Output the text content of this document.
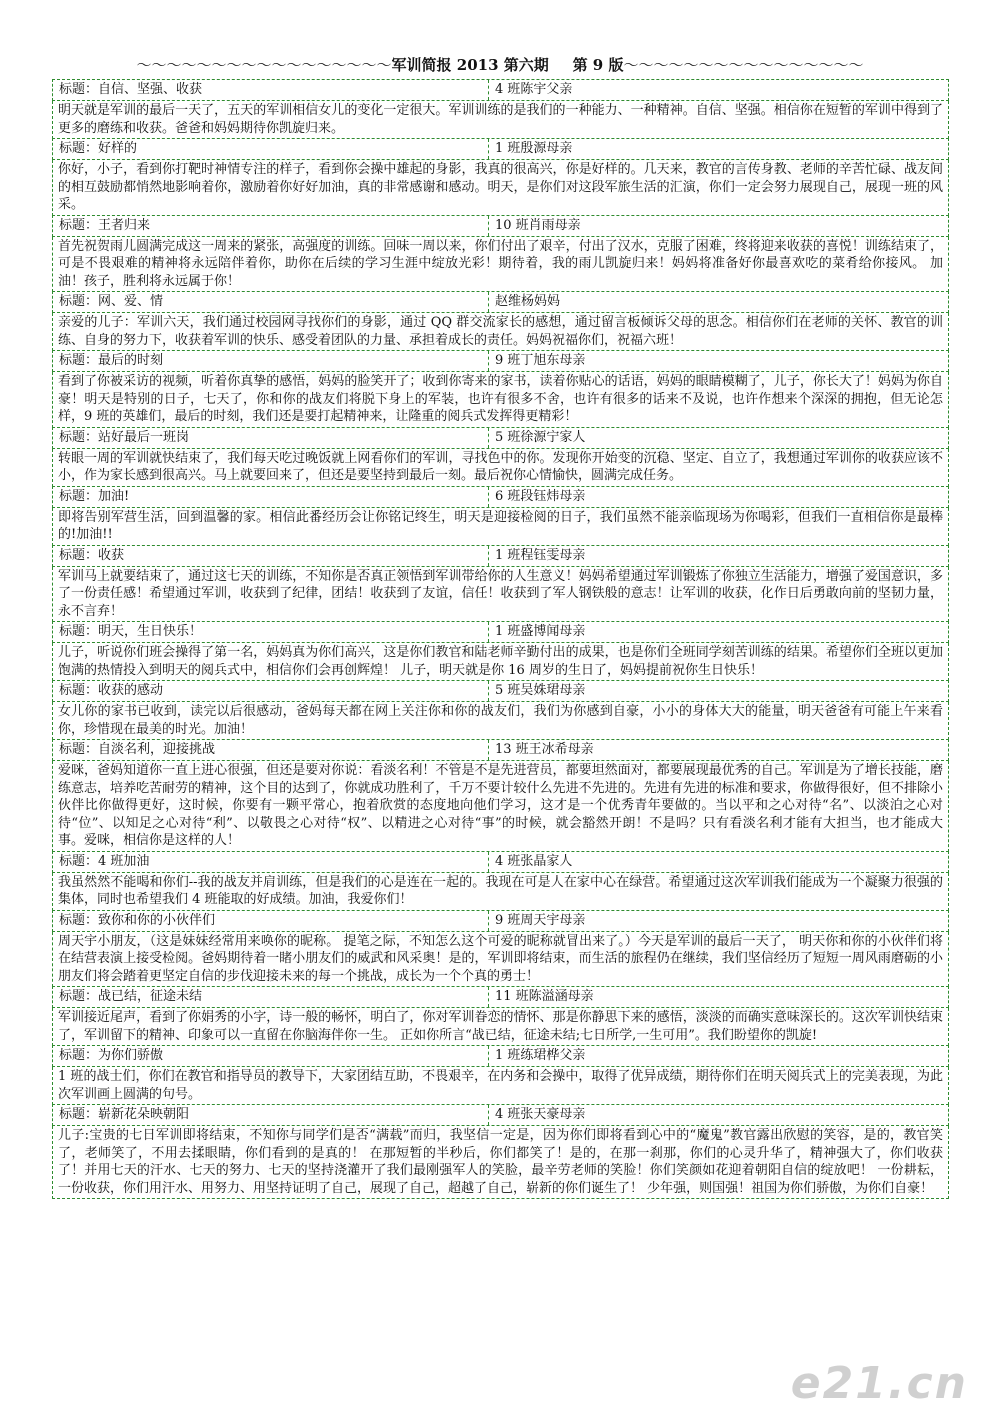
～～～～～～～～～～～～～～～～～军训简报 2013 第六期 第 9 版～～～～～～～～～～～～～～～～
标题：自信、坚强、收获	4 班陈宇父亲
明天就是军训的最后一天了，五天的军训相信女儿的变化一定很大。军训训练的是我们的一种能力、一种精神。自信、坚强。相信你在短暂的军训中得到了更多的磨练和收获。爸爸和妈妈期待你凯旋归来。
标题：好样的	1 班殷源母亲
你好，小子，看到你打靶时神情专注的样子，看到你会操中雄起的身影，我真的很高兴，你是好样的。几天来，教官的言传身教、老师的辛苦忙碌、战友间的相互鼓励都悄然地影响着你，激励着你好好加油，真的非常感谢和感动。明天，是你们对这段军旅生活的汇演，你们一定会努力展现自己，展现一班的风采。
标题：王者归来	10 班肖雨母亲
首先祝贺雨儿圆满完成这一周来的紧张，高强度的训练。回味一周以来，你们付出了艰辛，付出了汉水，克服了困难，终将迎来收获的喜悦！训练结束了，可是不畏艰难的精神将永远陪伴着你，助你在后续的学习生涯中绽放光彩！期待着，我的雨儿凯旋归来！妈妈将准备好你最喜欢吃的菜肴给你接风。 加油！孩子，胜利将永远属于你！
标题：网、爱、情	赵维杨妈妈
亲爱的儿子：军训六天，我们通过校园网寻找你们的身影，通过 QQ 群交流家长的感想，通过留言板倾诉父母的思念。相信你们在老师的关怀、教官的训练、自身的努力下，收获着军训的快乐、感受着团队的力量、承担着成长的责任。妈妈祝福你们，祝福六班！
标题：最后的时刻	9 班丁旭东母亲
看到了你被采访的视频，听着你真挚的感悟，妈妈的脸笑开了；收到你寄来的家书，读着你贴心的话语，妈妈的眼睛模糊了，儿子，你长大了！妈妈为你自豪！明天是特别的日子，七天了，你和你的战友们将脱下身上的军装，也许有很多不舍，也许有很多的话来不及说，也许作想来个深深的拥抱，但无论怎样，9 班的英雄们，最后的时刻，我们还是要打起精神来，让隆重的阅兵式发挥得更精彩！
标题：站好最后一班岗	5 班徐源宁家人
转眼一周的军训就快结束了，我们每天吃过晚饭就上网看你们的军训，寻找色中的你。发现你开始变的沉稳、坚定、自立了，我想通过军训你的收获应该不小，作为家长感到很高兴。马上就要回来了，但还是要坚持到最后一刻。最后祝你心情愉快，圆满完成任务。
标题：加油!	6 班段钰炜母亲
即将告别军营生活，回到温馨的家。相信此番经历会让你铭记终生，明天是迎接检阅的日子，我们虽然不能亲临现场为你喝彩，但我们一直相信你是最棒的!加油!!
标题：收获	1 班程钰雯母亲
军训马上就要结束了，通过这七天的训练，不知你是否真正领悟到军训带给你的人生意义！妈妈希望通过军训锻炼了你独立生活能力，增强了爱国意识，多了一份责任感！希望通过军训，收获到了纪律，团结！收获到了友谊，信任！收获到了军人钢铁般的意志！让军训的收获，化作日后勇敢向前的坚韧力量，永不言弃！
标题：明天，生日快乐！	1 班盛博闻母亲
儿子，听说你们班会操得了第一名，妈妈真为你们高兴，这是你们教官和陆老师辛勤付出的成果，也是你们全班同学刻苦训练的结果。希望你们全班以更加饱满的热情投入到明天的阅兵式中，相信你们会再创辉煌！ 儿子，明天就是你 16 周岁的生日了，妈妈提前祝你生日快乐！
标题：收获的感动	5 班吴姝珺母亲
女儿你的家书已收到，读完以后很感动，爸妈每天都在网上关注你和你的战友们，我们为你感到自豪，小小的身体大大的能量，明天爸爸有可能上午来看你，珍惜现在最美的时光。加油！
标题：自淡名利，迎接挑战	13 班王冰希母亲
爱咪，爸妈知道你一直上进心很强，但还是要对你说：看淡名利！不管是不是先进营员，都要坦然面对，都要展现最优秀的自己。军训是为了增长技能，磨练意志，培养吃苦耐劳的精神，这个目的达到了，你就成功胜利了，千万不要计较什么先进不先进的。先进有先进的标准和要求，你做得很好，但不排除小伙伴比你做得更好，这时候，你要有一颗平常心，抱着欣赏的态度地向他们学习，这才是一个优秀青年要做的。当以平和之心对待“名”、以淡泊之心对待“位”、以知足之心对待“利”、以敬畏之心对待“权”、以精进之心对待“事”的时候，就会豁然开朗！不是吗？只有看淡名利才能有大担当，也才能成大事。爱咪，相信你是这样的人！
标题：4 班加油	4 班张晶家人
我虽然然不能喝和你们--我的战友并肩训练，但是我们的心是连在一起的。我现在可是人在家中心在绿营。希望通过这次军训我们能成为一个凝聚力很强的集体，同时也希望我们 4 班能取的好成绩。加油，我爱你们！
标题：致你和你的小伙伴们	9 班周天宇母亲
周天宇小朋友，（这是妹妹经常用来唤你的昵称。 提笔之际，不知怎么这个可爱的昵称就冒出来了。）今天是军训的最后一天了， 明天你和你的小伙伴们将在结营表演上接受检阅。爸妈期待着一睹小朋友们的威武和风采奥！是的，军训即将结束，而生活的旅程仍在继续，我们坚信经历了短短一周风雨磨砺的小朋友们将会踏着更坚定自信的步伐迎接未来的每一个挑战，成长为一个个真的勇士！
标题：战已结，征途未结	11 班陈溢涵母亲
军训接近尾声，看到了你娟秀的小字，诗一般的畅怀，明白了，你对军训眷恋的情怀、那是你静思下来的感悟，淡淡的而确实意味深长的。这次军训快结束了，军训留下的精神、印象可以一直留在你脑海伴你一生。 正如你所言“战已结，征途未结;七日所学,一生可用”。我们盼望你的凯旋!
标题：为你们骄傲	1 班练珺桦父亲
1 班的战士们，你们在教官和指导员的教导下，大家团结互助，不畏艰辛，在内务和会操中，取得了优异成绩，期待你们在明天阅兵式上的完美表现，为此次军训画上圆满的句号。
标题：崭新花朵映朝阳	4 班张天豪母亲
儿子:宝贵的七日军训即将结束，不知你与同学们是否“满载”而归，我坚信一定是，因为你们即将看到心中的“魔鬼”教官露出欣慰的笑容，是的，教官笑了，老师笑了，不用去揉眼睛，你们看到的是真的！ 在那短暂的半秒后，你们都笑了！是的，在那一刹那，你们的心灵升华了，精神强大了，你们收获了！并用七天的汗水、七天的努力、七天的坚持浇灌开了我们最刚强军人的笑脸，最辛劳老师的笑脸！你们笑颜如花迎着朝阳自信的绽放吧！ 一份耕耘，一份收获，你们用汗水、用努力、用坚持证明了自己，展现了自己，超越了自己，崭新的你们诞生了！ 少年强，则国强！祖国为你们骄傲，为你们自豪！
e21.cn
